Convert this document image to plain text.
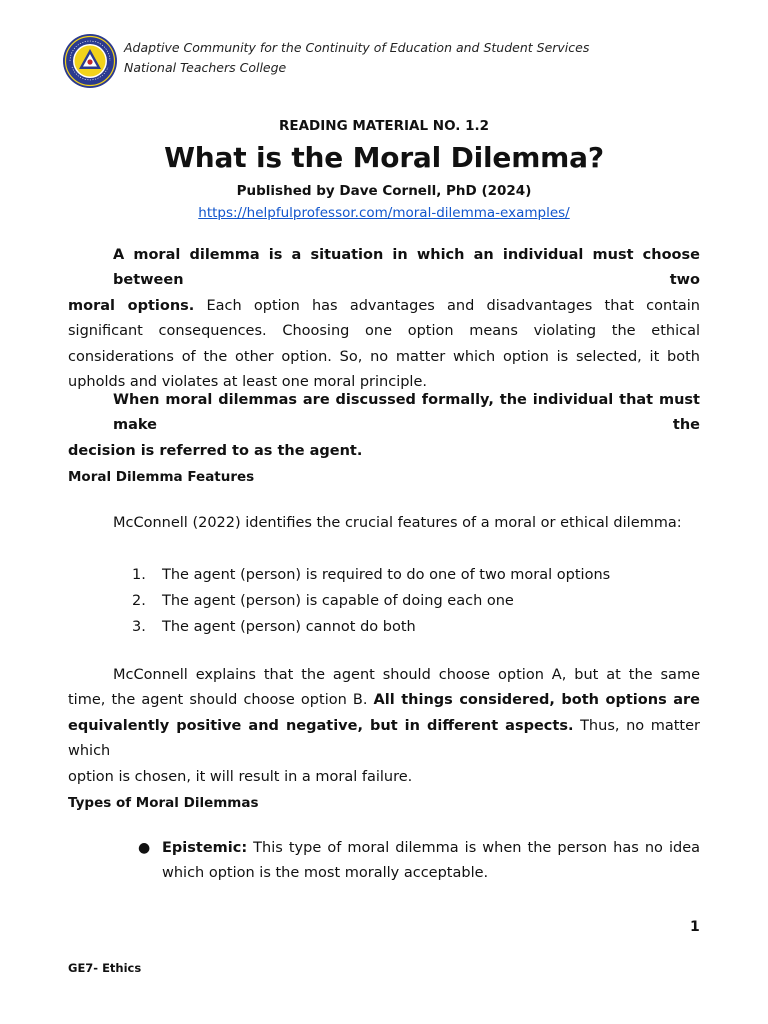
Adaptive Community for the Continuity of Education and Student Services
National Teachers College
READING MATERIAL NO. 1.2
What is the Moral Dilemma?
Published by Dave Cornell, PhD (2024)
https://helpfulprofessor.com/moral-dilemma-examples/
A moral dilemma is a situation in which an individual must choose between two
moral options. Each option has advantages and disadvantages that contain
significant consequences. Choosing one option means violating the ethical
considerations of the other option. So, no matter which option is selected, it both
upholds and violates at least one moral principle.
When moral dilemmas are discussed formally, the individual that must make the
decision is referred to as the agent.
Moral Dilemma Features
McConnell (2022) identifies the crucial features of a moral or ethical dilemma:
1.	The agent (person) is required to do one of two moral options
2.	The agent (person) is capable of doing each one
3.	The agent (person) cannot do both
McConnell explains that the agent should choose option A, but at the same
time, the agent should choose option B. All things considered, both options are
equivalently positive and negative, but in different aspects. Thus, no matter which
option is chosen, it will result in a moral failure.
Types of Moral Dilemmas
● Epistemic: This type of moral dilemma is when the person has no idea
which option is the most morally acceptable.
1
GE7- Ethics
